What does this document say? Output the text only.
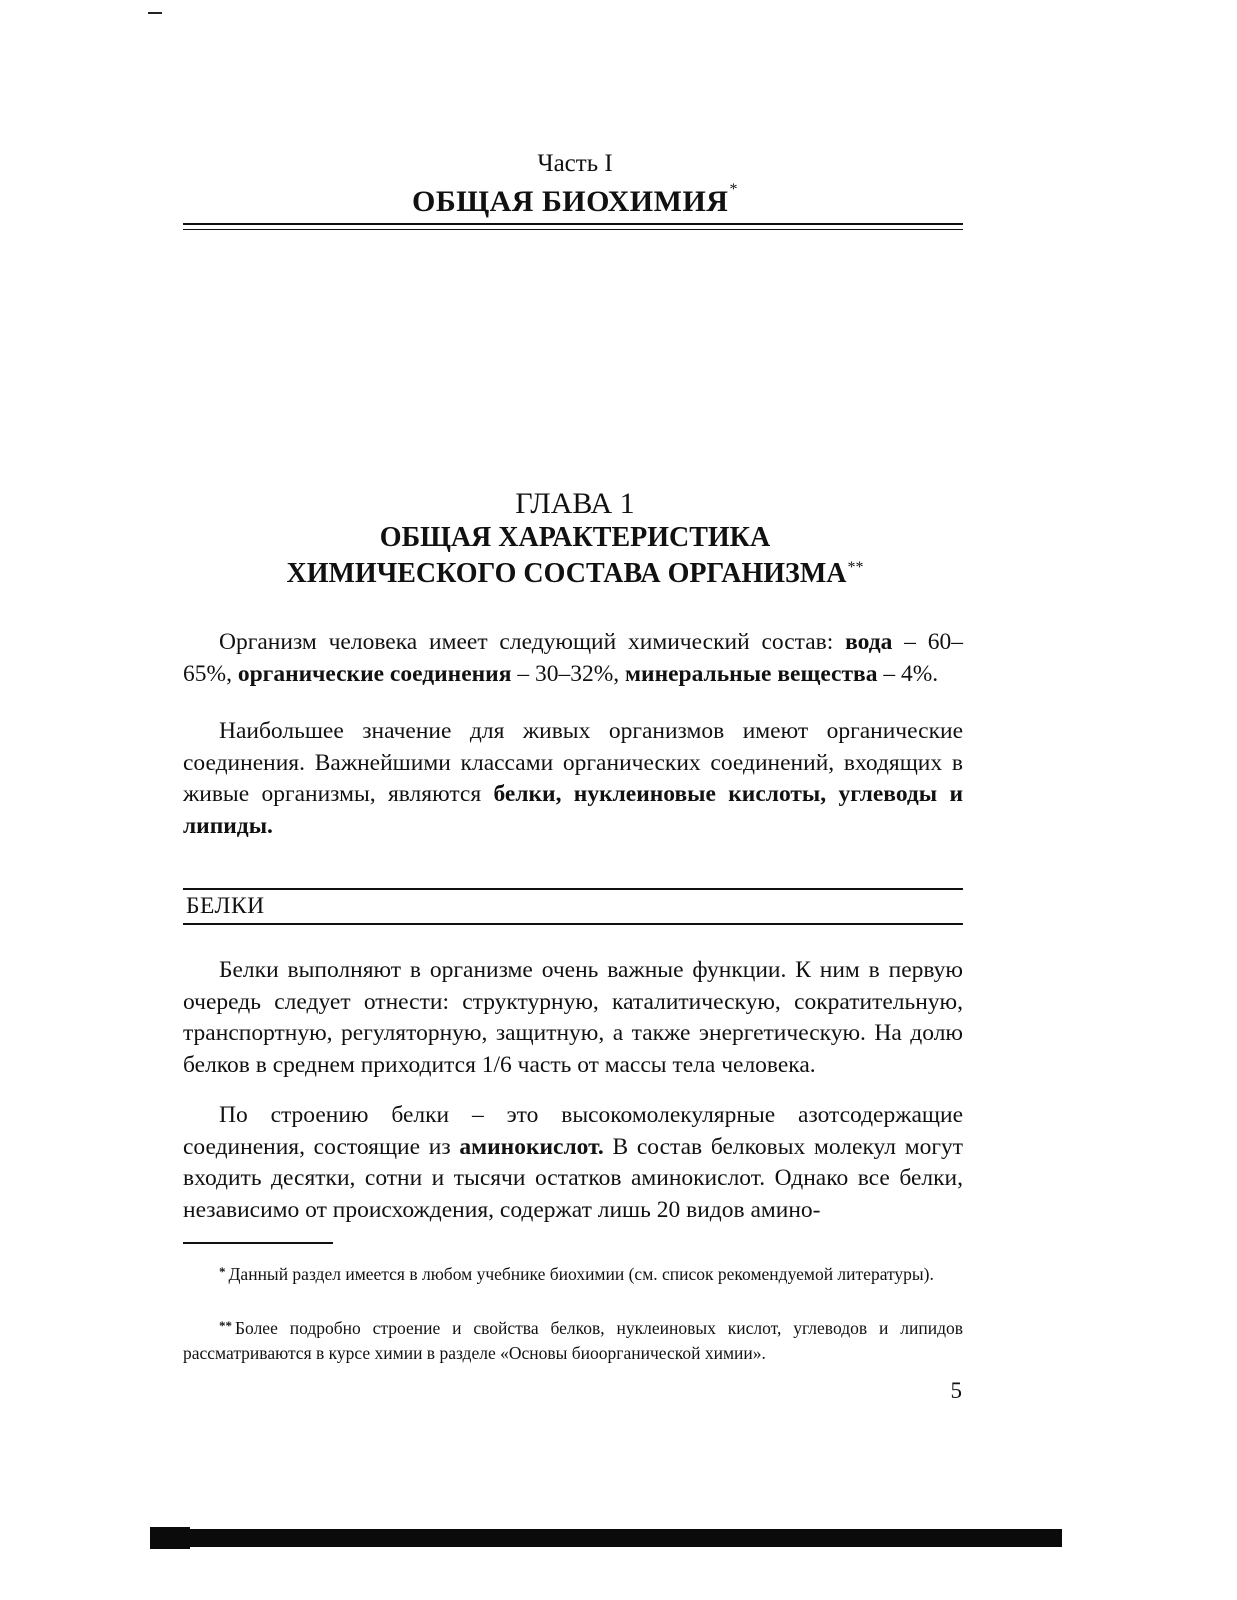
Часть I
ОБЩАЯ БИОХИМИЯ*
ГЛАВА 1
ОБЩАЯ ХАРАКТЕРИСТИКА
ХИМИЧЕСКОГО СОСТАВА ОРГАНИЗМА**

Организм человека имеет следующий химический состав: вода – 60–65%, органические соединения – 30–32%, минеральные вещества – 4%.

Наибольшее значение для живых организмов имеют органические соединения. Важнейшими классами органических соединений, входящих в живые организмы, являются белки, нуклеиновые кислоты, углеводы и липиды.

БЕЛКИ

Белки выполняют в организме очень важные функции. К ним в первую очередь следует отнести: структурную, каталитическую, сократительную, транспортную, регуляторную, защитную, а также энергетическую. На долю белков в среднем приходится 1/6 часть от массы тела человека.

По строению белки – это высокомолекулярные азотсодержащие соединения, состоящие из аминокислот. В состав белковых молекул могут входить десятки, сотни и тысячи остатков аминокислот. Однако все белки, независимо от происхождения, содержат лишь 20 видов амино-

* Данный раздел имеется в любом учебнике биохимии (см. список рекомендуемой литературы).

** Более подробно строение и свойства белков, нуклеиновых кислот, углеводов и липидов рассматриваются в курсе химии в разделе «Основы биоорганической химии».

5
